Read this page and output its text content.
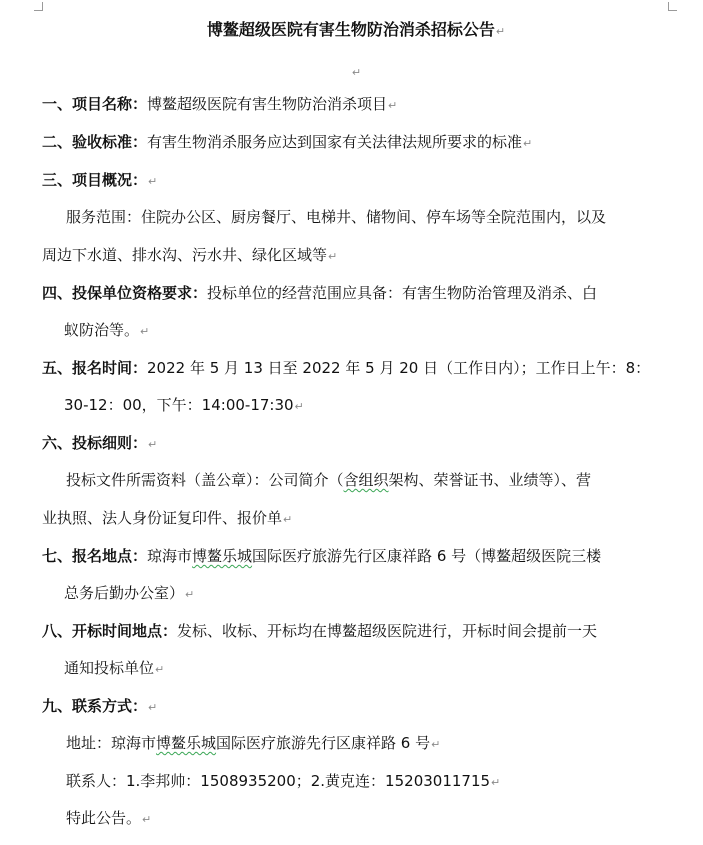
博鳌超级医院有害生物防治消杀招标公告↵
↵
一、项目名称：博鳌超级医院有害生物防治消杀项目↵
二、验收标准：有害生物消杀服务应达到国家有关法律法规所要求的标准↵
三、项目概况：↵
服务范围：住院办公区、厨房餐厅、电梯井、储物间、停车场等全院范围内，以及
周边下水道、排水沟、污水井、绿化区域等↵
四、投保单位资格要求：投标单位的经营范围应具备：有害生物防治管理及消杀、白
蚁防治等。↵
五、报名时间：2022 年 5 月 13 日至 2022 年 5 月 20 日（工作日内）；工作日上午：8：
30-12：00，下午：14:00-17:30↵
六、投标细则：↵
投标文件所需资料（盖公章）：公司简介（含组织架构、荣誉证书、业绩等）、营
业执照、法人身份证复印件、报价单↵
七、报名地点：琼海市博鳌乐城国际医疗旅游先行区康祥路 6 号（博鳌超级医院三楼
总务后勤办公室）↵
八、开标时间地点：发标、收标、开标均在博鳌超级医院进行，开标时间会提前一天
通知投标单位↵
九、联系方式：↵
地址：琼海市博鳌乐城国际医疗旅游先行区康祥路 6 号↵
联系人：1.李邦帅：1508935200；2.黄克连：15203011715↵
特此公告。↵
